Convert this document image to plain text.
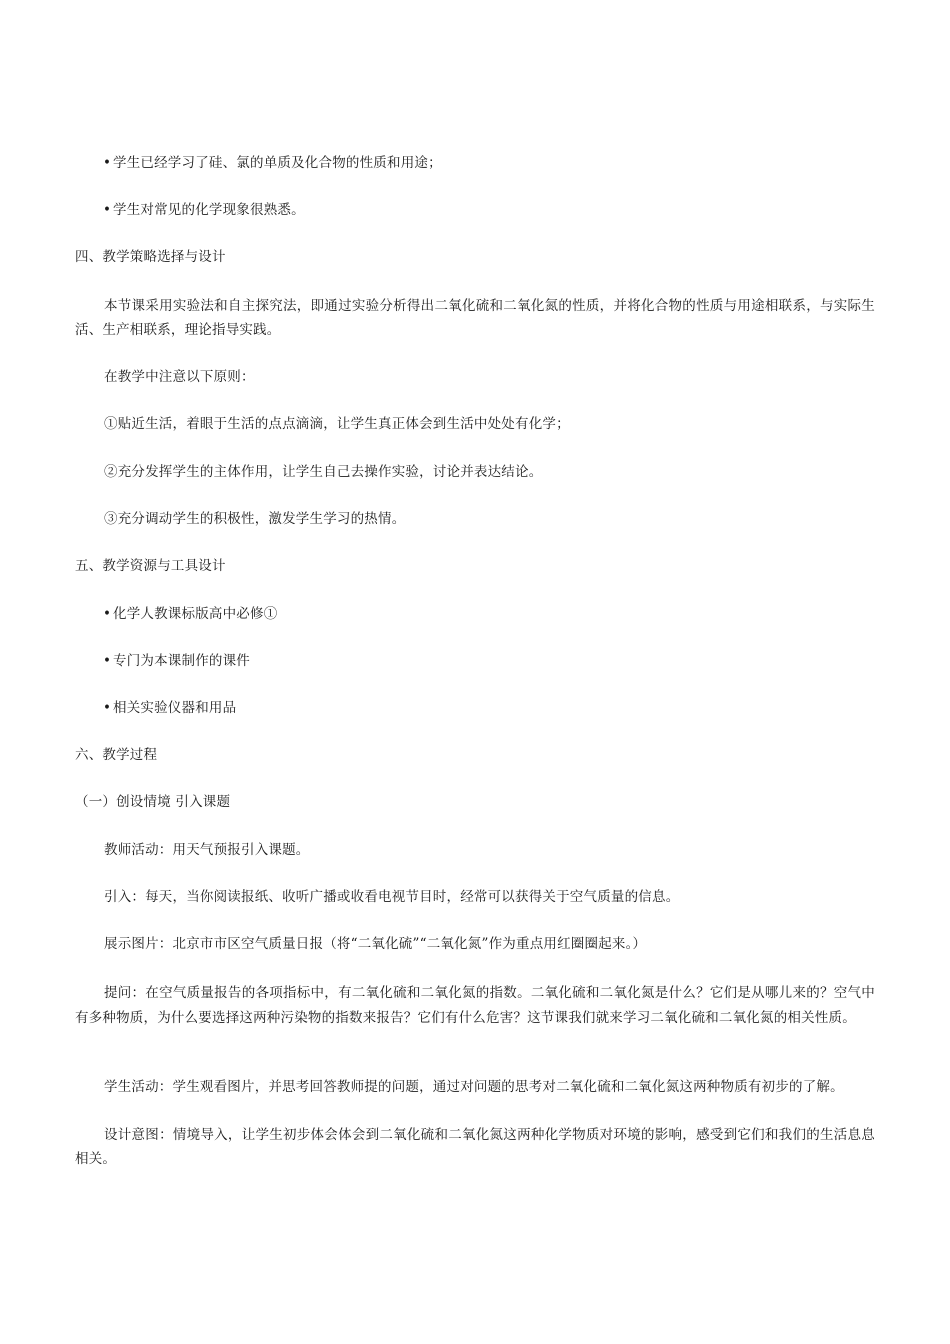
• 学生已经学习了硅、氯的单质及化合物的性质和用途；
• 学生对常见的化学现象很熟悉。
四、教学策略选择与设计
本节课采用实验法和自主探究法，即通过实验分析得出二氧化硫和二氧化氮的性质，并将化合物的性质与用途相联系，与实际生活、生产相联系，理论指导实践。
在教学中注意以下原则：
①贴近生活，着眼于生活的点点滴滴，让学生真正体会到生活中处处有化学；
②充分发挥学生的主体作用，让学生自己去操作实验，讨论并表达结论。
③充分调动学生的积极性，激发学生学习的热情。
五、教学资源与工具设计
• 化学人教课标版高中必修①
• 专门为本课制作的课件
• 相关实验仪器和用品
六、教学过程
（一）创设情境 引入课题
教师活动：用天气预报引入课题。
引入：每天，当你阅读报纸、收听广播或收看电视节目时，经常可以获得关于空气质量的信息。
展示图片：北京市市区空气质量日报（将“二氧化硫”“二氧化氮”作为重点用红圈圈起来。）
提问：在空气质量报告的各项指标中，有二氧化硫和二氧化氮的指数。二氧化硫和二氧化氮是什么？它们是从哪儿来的？空气中有多种物质，为什么要选择这两种污染物的指数来报告？它们有什么危害？这节课我们就来学习二氧化硫和二氧化氮的相关性质。
学生活动：学生观看图片，并思考回答教师提的问题，通过对问题的思考对二氧化硫和二氧化氮这两种物质有初步的了解。
设计意图：情境导入，让学生初步体会体会到二氧化硫和二氧化氮这两种化学物质对环境的影响，感受到它们和我们的生活息息相关。
